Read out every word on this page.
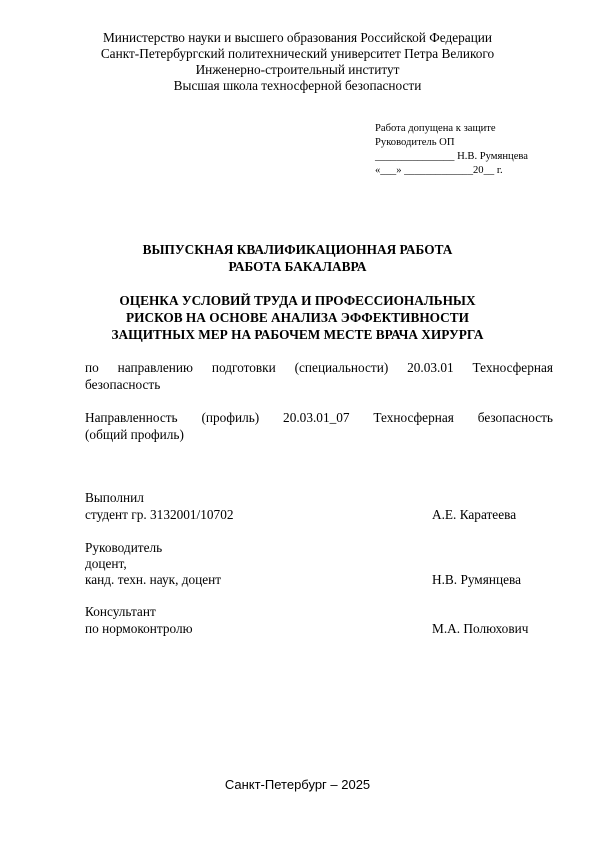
Министерство науки и высшего образования Российской Федерации
Санкт-Петербургский политехнический университет Петра Великого
Инженерно-строительный институт
Высшая школа техносферной безопасности
Работа допущена к защите
Руководитель ОП
_______________ Н.В. Румянцева
«___» _____________20__ г.
ВЫПУСКНАЯ КВАЛИФИКАЦИОННАЯ РАБОТА
РАБОТА БАКАЛАВРА
ОЦЕНКА УСЛОВИЙ ТРУДА И ПРОФЕССИОНАЛЬНЫХ
РИСКОВ НА ОСНОВЕ АНАЛИЗА ЭФФЕКТИВНОСТИ
ЗАЩИТНЫХ МЕР НА РАБОЧЕМ МЕСТЕ ВРАЧА ХИРУРГА
по направлению подготовки (специальности) 20.03.01 Техносферная
безопасность
Направленность (профиль) 20.03.01_07 Техносферная безопасность
(общий профиль)
Выполнил
студент гр. 3132001/10702	А.Е. Каратеева
Руководитель
доцент,
канд. техн. наук, доцент	Н.В. Румянцева
Консультант
по нормоконтролю	М.А. Полюхович
Санкт-Петербург – 2025
